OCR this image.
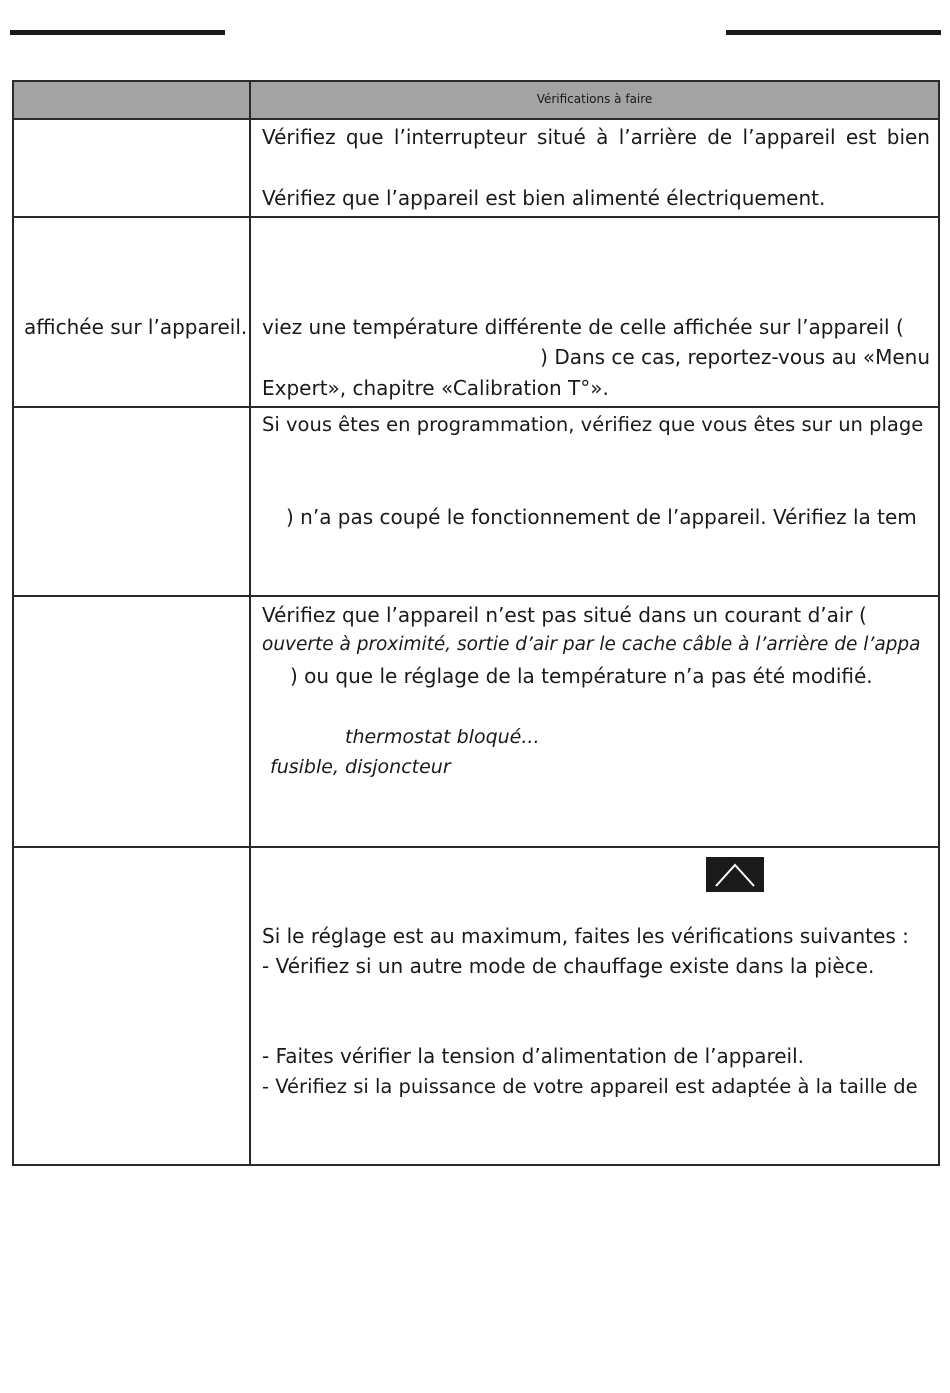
Vérifications à faire
Vérifiez que l’interrupteur situé à l’arrière de l’appareil est bien
Vérifiez que l’appareil est bien alimenté électriquement.
affichée sur l’appareil. viez une température différente de celle affichée sur l’appareil (
) Dans ce cas, reportez-vous au «Menu
Expert», chapitre «Calibration T°».
Si vous êtes en programmation, vérifiez que vous êtes sur un plage
) n’a pas coupé le fonctionnement de l’appareil. Vérifiez la tem
Vérifiez que l’appareil n’est pas situé dans un courant d’air (
ouverte à proximité, sortie d’air par le cache câble à l’arrière de l’appa
) ou que le réglage de la température n’a pas été modifié.
thermostat bloqué...
fusible, disjoncteur
Si le réglage est au maximum, faites les vérifications suivantes :
- Vérifiez si un autre mode de chauffage existe dans la pièce.
- Faites vérifier la tension d’alimentation de l’appareil.
- Vérifiez si la puissance de votre appareil est adaptée à la taille de
